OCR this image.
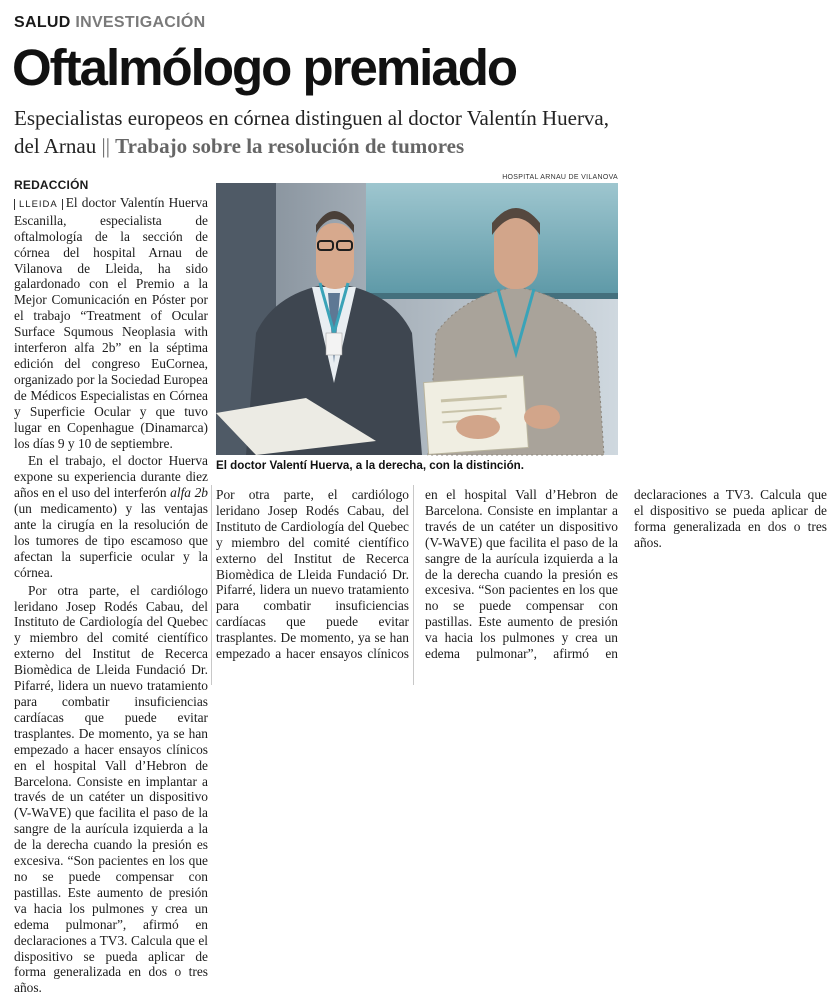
SALUD INVESTIGACIÓN
Oftalmólogo premiado
Especialistas europeos en córnea distinguen al doctor Valentín Huerva, del Arnau || Trabajo sobre la resolución de tumores
HOSPITAL ARNAU DE VILANOVA
El doctor Valentí Huerva, a la derecha, con la distinción.
REDACCIÓN

LLEIDA El doctor Valentín Huerva Escanilla, especialista de oftalmología de la sección de córnea del hospital Arnau de Vilanova de Lleida, ha sido galardonado con el Premio a la Mejor Comunicación en Póster por el trabajo “Treatment of Ocular Surface Squmous Neoplasia with interferon alfa 2b” en la séptima edición del congreso EuCornea, organizado por la Sociedad Europea de Médicos Especialistas en Córnea y Superficie Ocular y que tuvo lugar en Copenhague (Dinamarca) los días 9 y 10 de septiembre.

En el trabajo, el doctor Huerva expone su experiencia durante diez años en el uso del interferón alfa 2b (un medicamento) y las ventajas ante la cirugía en la resolución de los tumores de tipo escamoso que afectan la superficie ocular y la córnea.

Por otra parte, el cardiólogo leridano Josep Rodés Cabau, del Instituto de Cardiología del Quebec y miembro del comité científico externo del Institut de Recerca Biomèdica de Lleida Fundació Dr. Pifarré, lidera un nuevo tratamiento para combatir insuficiencias cardíacas que puede evitar trasplantes. De momento, ya se han empezado a hacer ensayos clínicos en el hospital Vall d’Hebron de Barcelona. Consiste en implantar a través de un catéter un dispositivo (V-WaVE) que facilita el paso de la sangre de la aurícula izquierda a la de la derecha cuando la presión es excesiva. “Son pacientes en los que no se puede compensar con pastillas. Este aumento de presión va hacia los pulmones y crea un edema pulmonar”, afirmó en declaraciones a TV3. Calcula que el dispositivo se pueda aplicar de forma generalizada en dos o tres años.

Por otra parte, el cardiólogo leridano Josep Rodés Cabau, del Instituto de Cardiología del Quebec y miembro del comité científico externo del Institut de Recerca Biomèdica de Lleida Fundació Dr. Pifarré, lidera un nuevo tratamiento para combatir insuficiencias cardíacas que puede evitar trasplantes. De momento, ya se han empezado a hacer ensayos clínicos en el hospital Vall d’Hebron de Barcelona. Consiste en implantar a través de un catéter un dispositivo (V-WaVE) que facilita el paso de la sangre de la aurícula izquierda a la de la derecha cuando la presión es excesiva. “Son pacientes en los que no se puede compensar con pastillas. Este aumento de presión va hacia los pulmones y crea un edema pulmonar”, afirmó en declaraciones a TV3. Calcula que el dispositivo se pueda aplicar de forma generalizada en dos o tres años.
